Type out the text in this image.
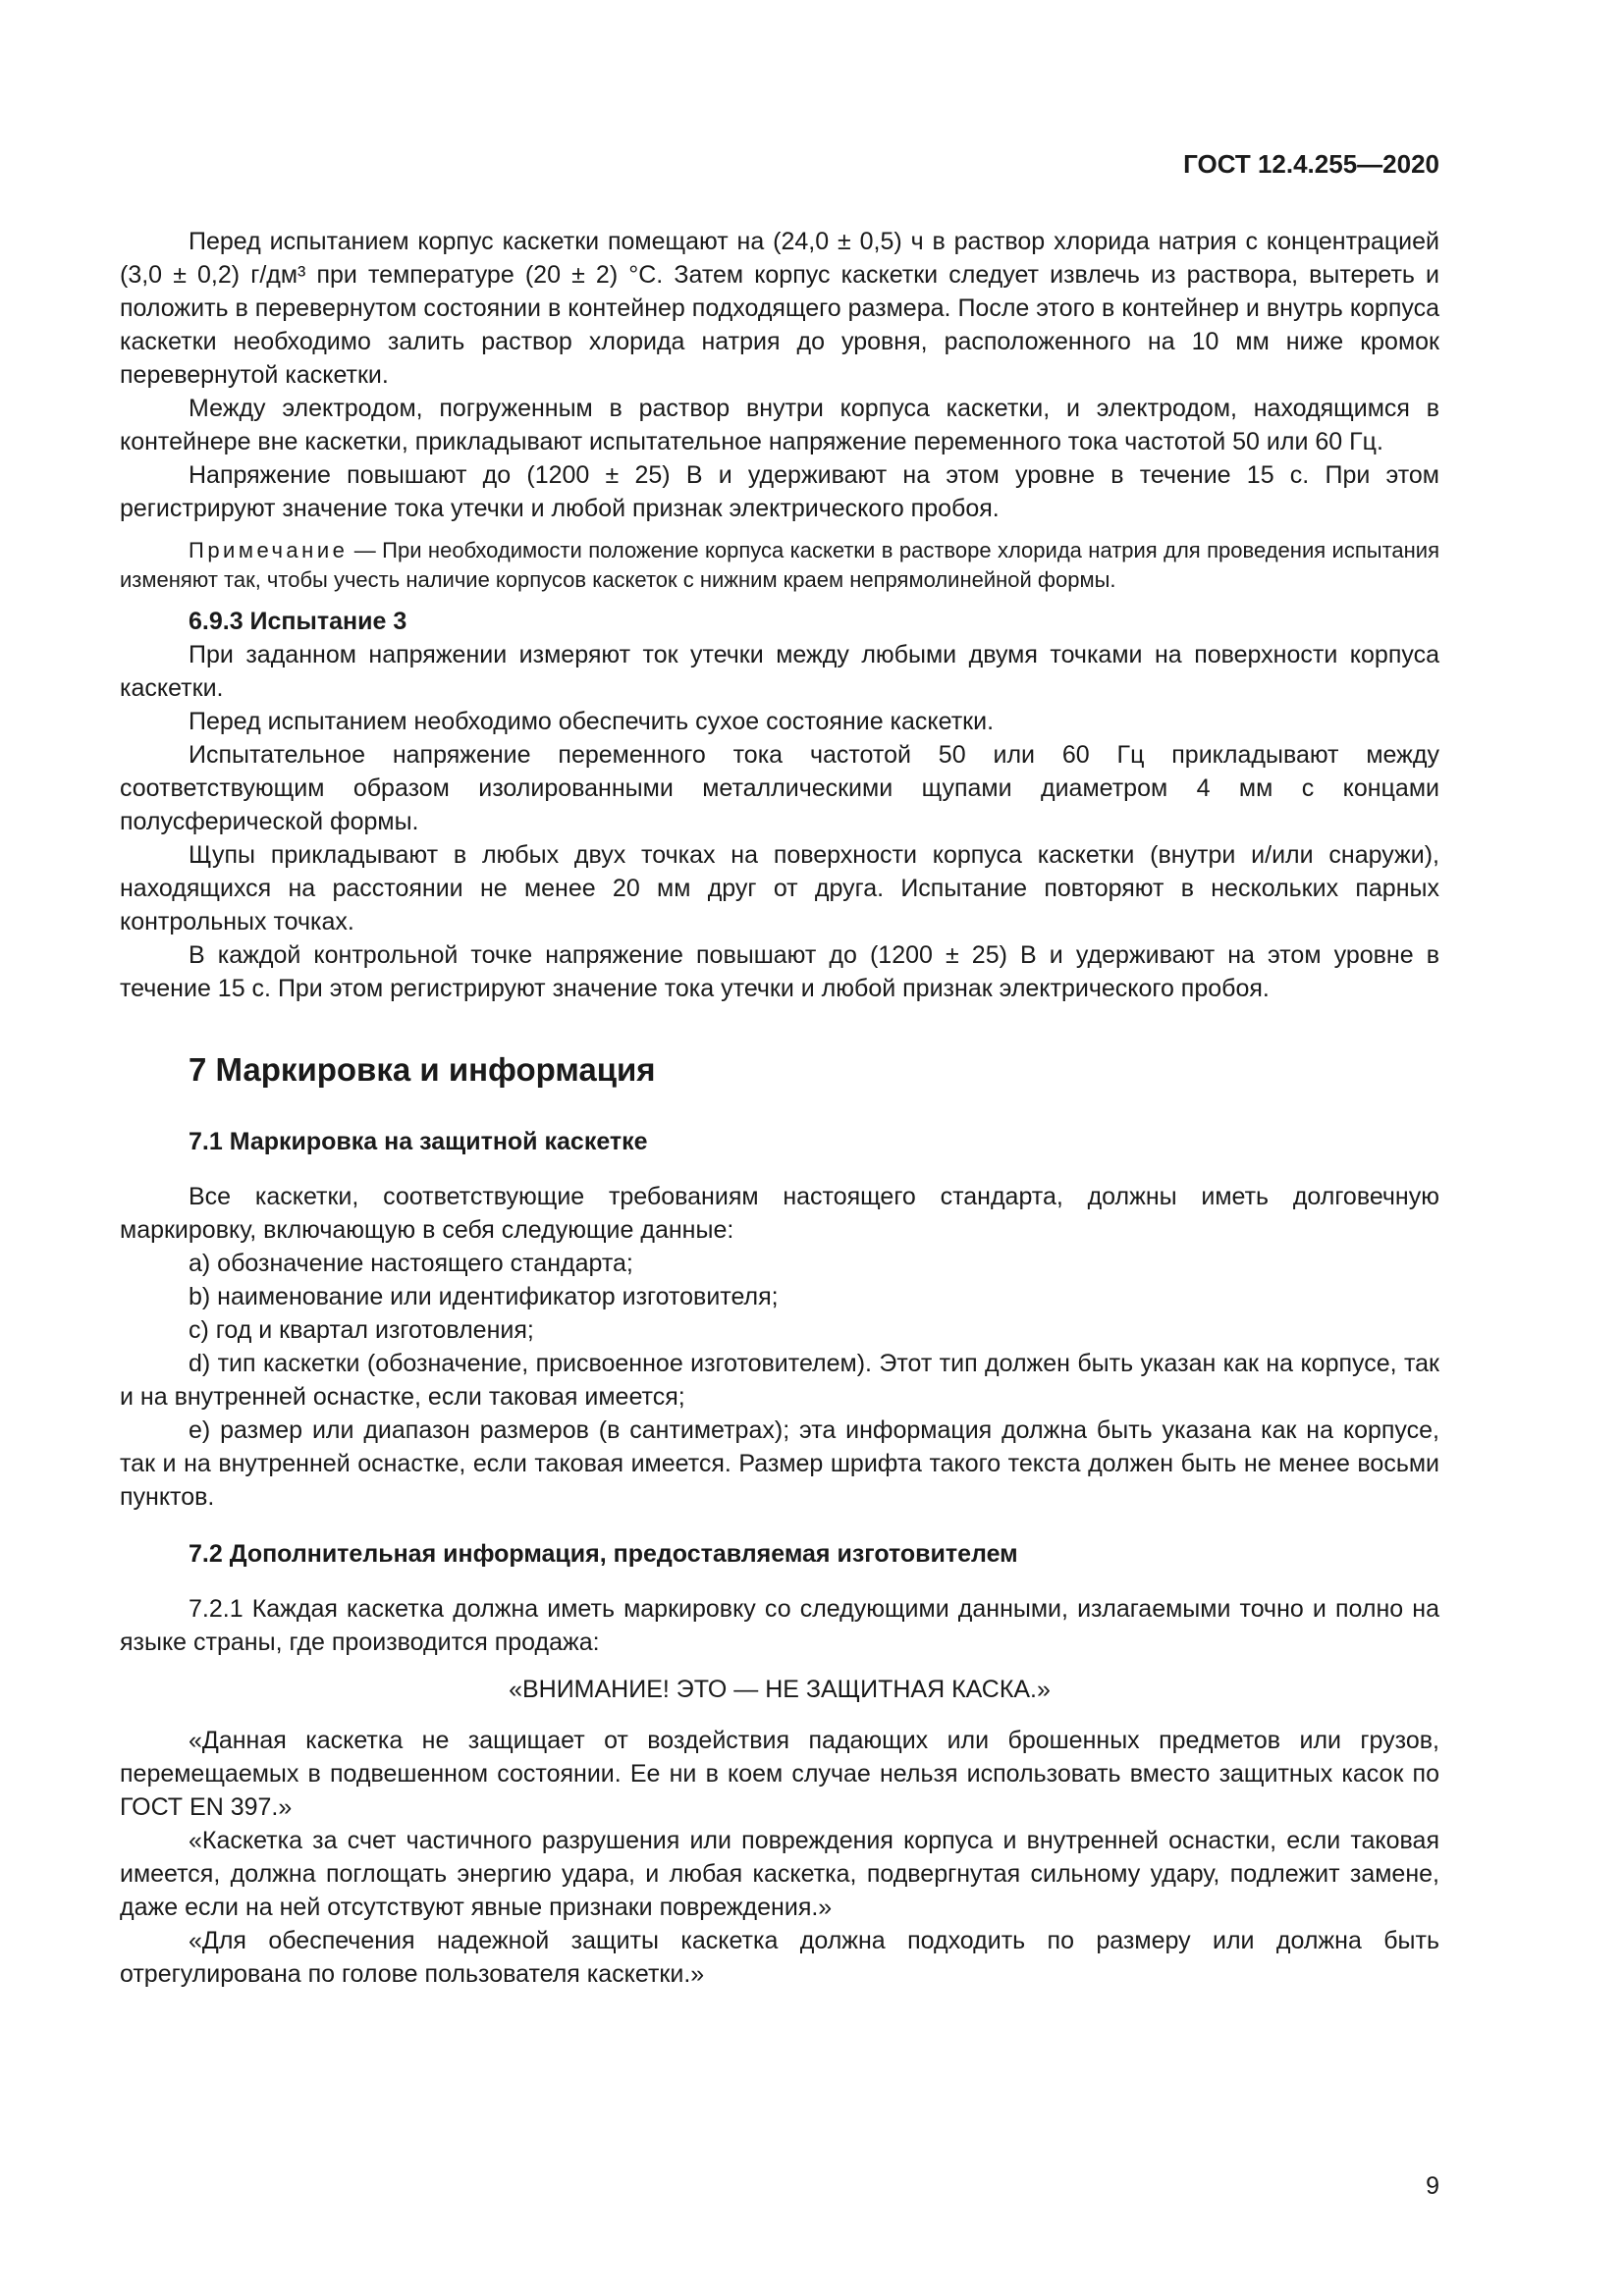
ГОСТ 12.4.255—2020

Перед испытанием корпус каскетки помещают на (24,0 ± 0,5) ч в раствор хлорида натрия с концентрацией (3,0 ± 0,2) г/дм³ при температуре (20 ± 2) °С. Затем корпус каскетки следует извлечь из раствора, вытереть и положить в перевернутом состоянии в контейнер подходящего размера. После этого в контейнер и внутрь корпуса каскетки необходимо залить раствор хлорида натрия до уровня, расположенного на 10 мм ниже кромок перевернутой каскетки.

Между электродом, погруженным в раствор внутри корпуса каскетки, и электродом, находящимся в контейнере вне каскетки, прикладывают испытательное напряжение переменного тока частотой 50 или 60 Гц.

Напряжение повышают до (1200 ± 25) В и удерживают на этом уровне в течение 15 с. При этом регистрируют значение тока утечки и любой признак электрического пробоя.

Примечание — При необходимости положение корпуса каскетки в растворе хлорида натрия для проведения испытания изменяют так, чтобы учесть наличие корпусов каскеток с нижним краем непрямолинейной формы.

6.9.3 Испытание 3

При заданном напряжении измеряют ток утечки между любыми двумя точками на поверхности корпуса каскетки.

Перед испытанием необходимо обеспечить сухое состояние каскетки.

Испытательное напряжение переменного тока частотой 50 или 60 Гц прикладывают между соответствующим образом изолированными металлическими щупами диаметром 4 мм с концами полусферической формы.

Щупы прикладывают в любых двух точках на поверхности корпуса каскетки (внутри и/или снаружи), находящихся на расстоянии не менее 20 мм друг от друга. Испытание повторяют в нескольких парных контрольных точках.

В каждой контрольной точке напряжение повышают до (1200 ± 25) В и удерживают на этом уровне в течение 15 с. При этом регистрируют значение тока утечки и любой признак электрического пробоя.

7 Маркировка и информация

7.1 Маркировка на защитной каскетке

Все каскетки, соответствующие требованиям настоящего стандарта, должны иметь долговечную маркировку, включающую в себя следующие данные:

a) обозначение настоящего стандарта;

b) наименование или идентификатор изготовителя;

c) год и квартал изготовления;

d) тип каскетки (обозначение, присвоенное изготовителем). Этот тип должен быть указан как на корпусе, так и на внутренней оснастке, если таковая имеется;

e) размер или диапазон размеров (в сантиметрах); эта информация должна быть указана как на корпусе, так и на внутренней оснастке, если таковая имеется. Размер шрифта такого текста должен быть не менее восьми пунктов.

7.2 Дополнительная информация, предоставляемая изготовителем

7.2.1 Каждая каскетка должна иметь маркировку со следующими данными, излагаемыми точно и полно на языке страны, где производится продажа:

«ВНИМАНИЕ! ЭТО — НЕ ЗАЩИТНАЯ КАСКА.»

«Данная каскетка не защищает от воздействия падающих или брошенных предметов или грузов, перемещаемых в подвешенном состоянии. Ее ни в коем случае нельзя использовать вместо защитных касок по ГОСТ EN 397.»

«Каскетка за счет частичного разрушения или повреждения корпуса и внутренней оснастки, если таковая имеется, должна поглощать энергию удара, и любая каскетка, подвергнутая сильному удару, подлежит замене, даже если на ней отсутствуют явные признаки повреждения.»

«Для обеспечения надежной защиты каскетка должна подходить по размеру или должна быть отрегулирована по голове пользователя каскетки.»

9
